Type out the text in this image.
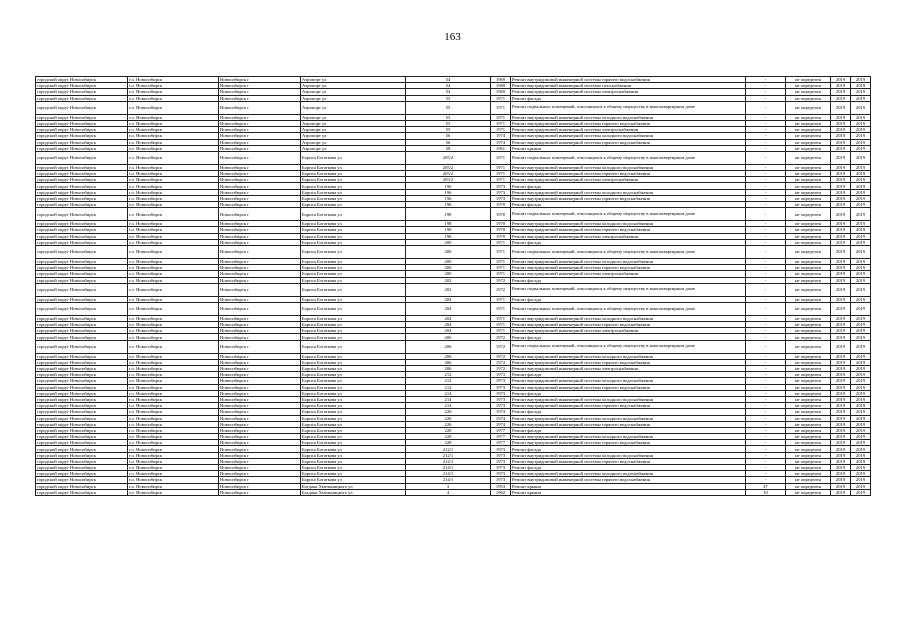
163
городской округ Новосибирск	г.о. Новосибирск	Новосибирск г	Аэропорт ул	54	1969	Ремонт внутридомовой инженерной системы горячего водоснабжения	-	не определен	2019	2019
городской округ Новосибирск	г.о. Новосибирск	Новосибирск г	Аэропорт ул	54	1969	Ремонт внутридомовой инженерной системы газоснабжения	-	не определен	2019	2019
городской округ Новосибирск	г.о. Новосибирск	Новосибирск г	Аэропорт ул	54	1969	Ремонт внутридомовой инженерной системы электроснабжения	-	не определен	2019	2019
городской округ Новосибирск	г.о. Новосибирск	Новосибирск г	Аэропорт ул	55	1971	Ремонт фасада	-	не определен	2019	2019
городской округ Новосибирск	г.о. Новосибирск	Новосибирск г	Аэропорт ул	55	1971	Ремонт подвальных помещений, относящихся к общему имуществу в многоквартирном доме	-	не определен	2019	2019
городской округ Новосибирск	г.о. Новосибирск	Новосибирск г	Аэропорт ул	55	1971	Ремонт внутридомовой инженерной системы холодного водоснабжения	-	не определен	2019	2019
городской округ Новосибирск	г.о. Новосибирск	Новосибирск г	Аэропорт ул	55	1971	Ремонт внутридомовой инженерной системы горячего водоснабжения	-	не определен	2019	2019
городской округ Новосибирск	г.о. Новосибирск	Новосибирск г	Аэропорт ул	55	1971	Ремонт внутридомовой инженерной системы электроснабжения	-	не определен	2019	2019
городской округ Новосибирск	г.о. Новосибирск	Новосибирск г	Аэропорт ул	56	1974	Ремонт внутридомовой инженерной системы холодного водоснабжения	-	не определен	2019	2019
городской округ Новосибирск	г.о. Новосибирск	Новосибирск г	Аэропорт ул	56	1974	Ремонт внутридомовой инженерной системы горячего водоснабжения	-	не определен	2019	2019
городской округ Новосибирск	г.о. Новосибирск	Новосибирск г	Аэропорт ул	58	1961	Ремонт крыши	-	не определен	2019	2019
городской округ Новосибирск	г.о. Новосибирск	Новосибирск г	Бориса Богаткова ул	205/2	1971	Ремонт подвальных помещений, относящихся к общему имуществу в многоквартирном доме	-	не определен	2019	2019
городской округ Новосибирск	г.о. Новосибирск	Новосибирск г	Бориса Богаткова ул	205/2	1971	Ремонт внутридомовой инженерной системы холодного водоснабжения	-	не определен	2019	2019
городской округ Новосибирск	г.о. Новосибирск	Новосибирск г	Бориса Богаткова ул	205/2	1971	Ремонт внутридомовой инженерной системы горячего водоснабжения	-	не определен	2019	2019
городской округ Новосибирск	г.о. Новосибирск	Новосибирск г	Бориса Богаткова ул	205/2	1971	Ремонт внутридомовой инженерной системы электроснабжения	-	не определен	2019	2019
городской округ Новосибирск	г.о. Новосибирск	Новосибирск г	Бориса Богаткова ул	196	1973	Ремонт фасада	-	не определен	2019	2019
городской округ Новосибирск	г.о. Новосибирск	Новосибирск г	Бориса Богаткова ул	196	1973	Ремонт внутридомовой инженерной системы холодного водоснабжения	-	не определен	2019	2019
городской округ Новосибирск	г.о. Новосибирск	Новосибирск г	Бориса Богаткова ул	196	1973	Ремонт внутридомовой инженерной системы горячего водоснабжения	-	не определен	2019	2019
городской округ Новосибирск	г.о. Новосибирск	Новосибирск г	Бориса Богаткова ул	198	1970	Ремонт фасада	-	не определен	2019	2019
городской округ Новосибирск	г.о. Новосибирск	Новосибирск г	Бориса Богаткова ул	198	1970	Ремонт подвальных помещений, относящихся к общему имуществу в многоквартирном доме	-	не определен	2019	2019
городской округ Новосибирск	г.о. Новосибирск	Новосибирск г	Бориса Богаткова ул	198	1970	Ремонт внутридомовой инженерной системы холодного водоснабжения	-	не определен	2019	2019
городской округ Новосибирск	г.о. Новосибирск	Новосибирск г	Бориса Богаткова ул	198	1970	Ремонт внутридомовой инженерной системы горячего водоснабжения	-	не определен	2019	2019
городской округ Новосибирск	г.о. Новосибирск	Новосибирск г	Бориса Богаткова ул	198	1970	Ремонт внутридомовой инженерной системы электроснабжения	-	не определен	2019	2019
городской округ Новосибирск	г.о. Новосибирск	Новосибирск г	Бориса Богаткова ул	200	1971	Ремонт фасада	-	не определен	2019	2019
городской округ Новосибирск	г.о. Новосибирск	Новосибирск г	Бориса Богаткова ул	200	1971	Ремонт подвальных помещений, относящихся к общему имуществу в многоквартирном доме	-	не определен	2019	2019
городской округ Новосибирск	г.о. Новосибирск	Новосибирск г	Бориса Богаткова ул	200	1971	Ремонт внутридомовой инженерной системы холодного водоснабжения	-	не определен	2019	2019
городской округ Новосибирск	г.о. Новосибирск	Новосибирск г	Бориса Богаткова ул	200	1971	Ремонт внутридомовой инженерной системы горячего водоснабжения	-	не определен	2019	2019
городской округ Новосибирск	г.о. Новосибирск	Новосибирск г	Бориса Богаткова ул	200	1971	Ремонт внутридомовой инженерной системы электроснабжения	-	не определен	2019	2019
городской округ Новосибирск	г.о. Новосибирск	Новосибирск г	Бориса Богаткова ул	202	1972	Ремонт фасада	-	не определен	2019	2019
городской округ Новосибирск	г.о. Новосибирск	Новосибирск г	Бориса Богаткова ул	202	1972	Ремонт подвальных помещений, относящихся к общему имуществу в многоквартирном доме	-	не определен	2019	2019
городской округ Новосибирск	г.о. Новосибирск	Новосибирск г	Бориса Богаткова ул	204	1971	Ремонт фасада	-	не определен	2019	2019
городской округ Новосибирск	г.о. Новосибирск	Новосибирск г	Бориса Богаткова ул	204	1971	Ремонт подвальных помещений, относящихся к общему имуществу в многоквартирном доме	-	не определен	2019	2019
городской округ Новосибирск	г.о. Новосибирск	Новосибирск г	Бориса Богаткова ул	204	1971	Ремонт внутридомовой инженерной системы холодного водоснабжения	-	не определен	2019	2019
городской округ Новосибирск	г.о. Новосибирск	Новосибирск г	Бориса Богаткова ул	204	1971	Ремонт внутридомовой инженерной системы горячего водоснабжения	-	не определен	2019	2019
городской округ Новосибирск	г.о. Новосибирск	Новосибирск г	Бориса Богаткова ул	204	1971	Ремонт внутридомовой инженерной системы электроснабжения	-	не определен	2019	2019
городской округ Новосибирск	г.о. Новосибирск	Новосибирск г	Бориса Богаткова ул	206	1972	Ремонт фасада	-	не определен	2019	2019
городской округ Новосибирск	г.о. Новосибирск	Новосибирск г	Бориса Богаткова ул	206	1972	Ремонт подвальных помещений, относящихся к общему имуществу в многоквартирном доме	-	не определен	2019	2019
городской округ Новосибирск	г.о. Новосибирск	Новосибирск г	Бориса Богаткова ул	206	1972	Ремонт внутридомовой инженерной системы холодного водоснабжения	-	не определен	2019	2019
городской округ Новосибирск	г.о. Новосибирск	Новосибирск г	Бориса Богаткова ул	206	1972	Ремонт внутридомовой инженерной системы горячего водоснабжения	-	не определен	2019	2019
городской округ Новосибирск	г.о. Новосибирск	Новосибирск г	Бориса Богаткова ул	206	1972	Ремонт внутридомовой инженерной системы электроснабжения	-	не определен	2019	2019
городской округ Новосибирск	г.о. Новосибирск	Новосибирск г	Бориса Богаткова ул	212	1973	Ремонт фасада	-	не определен	2019	2019
городской округ Новосибирск	г.о. Новосибирск	Новосибирск г	Бориса Богаткова ул	212	1973	Ремонт внутридомовой инженерной системы холодного водоснабжения	-	не определен	2019	2019
городской округ Новосибирск	г.о. Новосибирск	Новосибирск г	Бориса Богаткова ул	212	1973	Ремонт внутридомовой инженерной системы горячего водоснабжения	-	не определен	2019	2019
городской округ Новосибирск	г.о. Новосибирск	Новосибирск г	Бориса Богаткова ул	214	1973	Ремонт фасада	-	не определен	2019	2019
городской округ Новосибирск	г.о. Новосибирск	Новосибирск г	Бориса Богаткова ул	214	1973	Ремонт внутридомовой инженерной системы холодного водоснабжения	-	не определен	2019	2019
городской округ Новосибирск	г.о. Новосибирск	Новосибирск г	Бориса Богаткова ул	214	1973	Ремонт внутридомовой инженерной системы горячего водоснабжения	-	не определен	2019	2019
городской округ Новосибирск	г.о. Новосибирск	Новосибирск г	Бориса Богаткова ул	226	1974	Ремонт фасада	-	не определен	2019	2019
городской округ Новосибирск	г.о. Новосибирск	Новосибирск г	Бориса Богаткова ул	226	1974	Ремонт внутридомовой инженерной системы холодного водоснабжения	-	не определен	2019	2019
городской округ Новосибирск	г.о. Новосибирск	Новосибирск г	Бориса Богаткова ул	226	1974	Ремонт внутридомовой инженерной системы горячего водоснабжения	-	не определен	2019	2019
городской округ Новосибирск	г.о. Новосибирск	Новосибирск г	Бориса Богаткова ул	228	1977	Ремонт фасада	-	не определен	2019	2019
городской округ Новосибирск	г.о. Новосибирск	Новосибирск г	Бориса Богаткова ул	228	1977	Ремонт внутридомовой инженерной системы холодного водоснабжения	-	не определен	2019	2019
городской округ Новосибирск	г.о. Новосибирск	Новосибирск г	Бориса Богаткова ул	228	1977	Ремонт внутридомовой инженерной системы горячего водоснабжения	-	не определен	2019	2019
городской округ Новосибирск	г.о. Новосибирск	Новосибирск г	Бориса Богаткова ул	212/1	1973	Ремонт фасада	-	не определен	2019	2019
городской округ Новосибирск	г.о. Новосибирск	Новосибирск г	Бориса Богаткова ул	212/1	1973	Ремонт внутридомовой инженерной системы холодного водоснабжения	-	не определен	2019	2019
городской округ Новосибирск	г.о. Новосибирск	Новосибирск г	Бориса Богаткова ул	212/1	1973	Ремонт внутридомовой инженерной системы горячего водоснабжения	-	не определен	2019	2019
городской округ Новосибирск	г.о. Новосибирск	Новосибирск г	Бориса Богаткова ул	214/1	1973	Ремонт фасада	-	не определен	2019	2019
городской округ Новосибирск	г.о. Новосибирск	Новосибирск г	Бориса Богаткова ул	214/1	1973	Ремонт внутридомовой инженерной системы холодного водоснабжения	-	не определен	2019	2019
городской округ Новосибирск	г.о. Новосибирск	Новосибирск г	Бориса Богаткова ул	214/1	1973	Ремонт внутридомовой инженерной системы горячего водоснабжения	-	не определен	2019	2019
городской округ Новосибирск	г.о. Новосибирск	Новосибирск г	Богдана Хмельницкого ул	3	1953	Ремонт крыши	47	не определен	2019	2019
городской округ Новосибирск	г.о. Новосибирск	Новосибирск г	Богдана Хмельницкого ул	4	1962	Ремонт крыши	10	не определен	2019	2019
